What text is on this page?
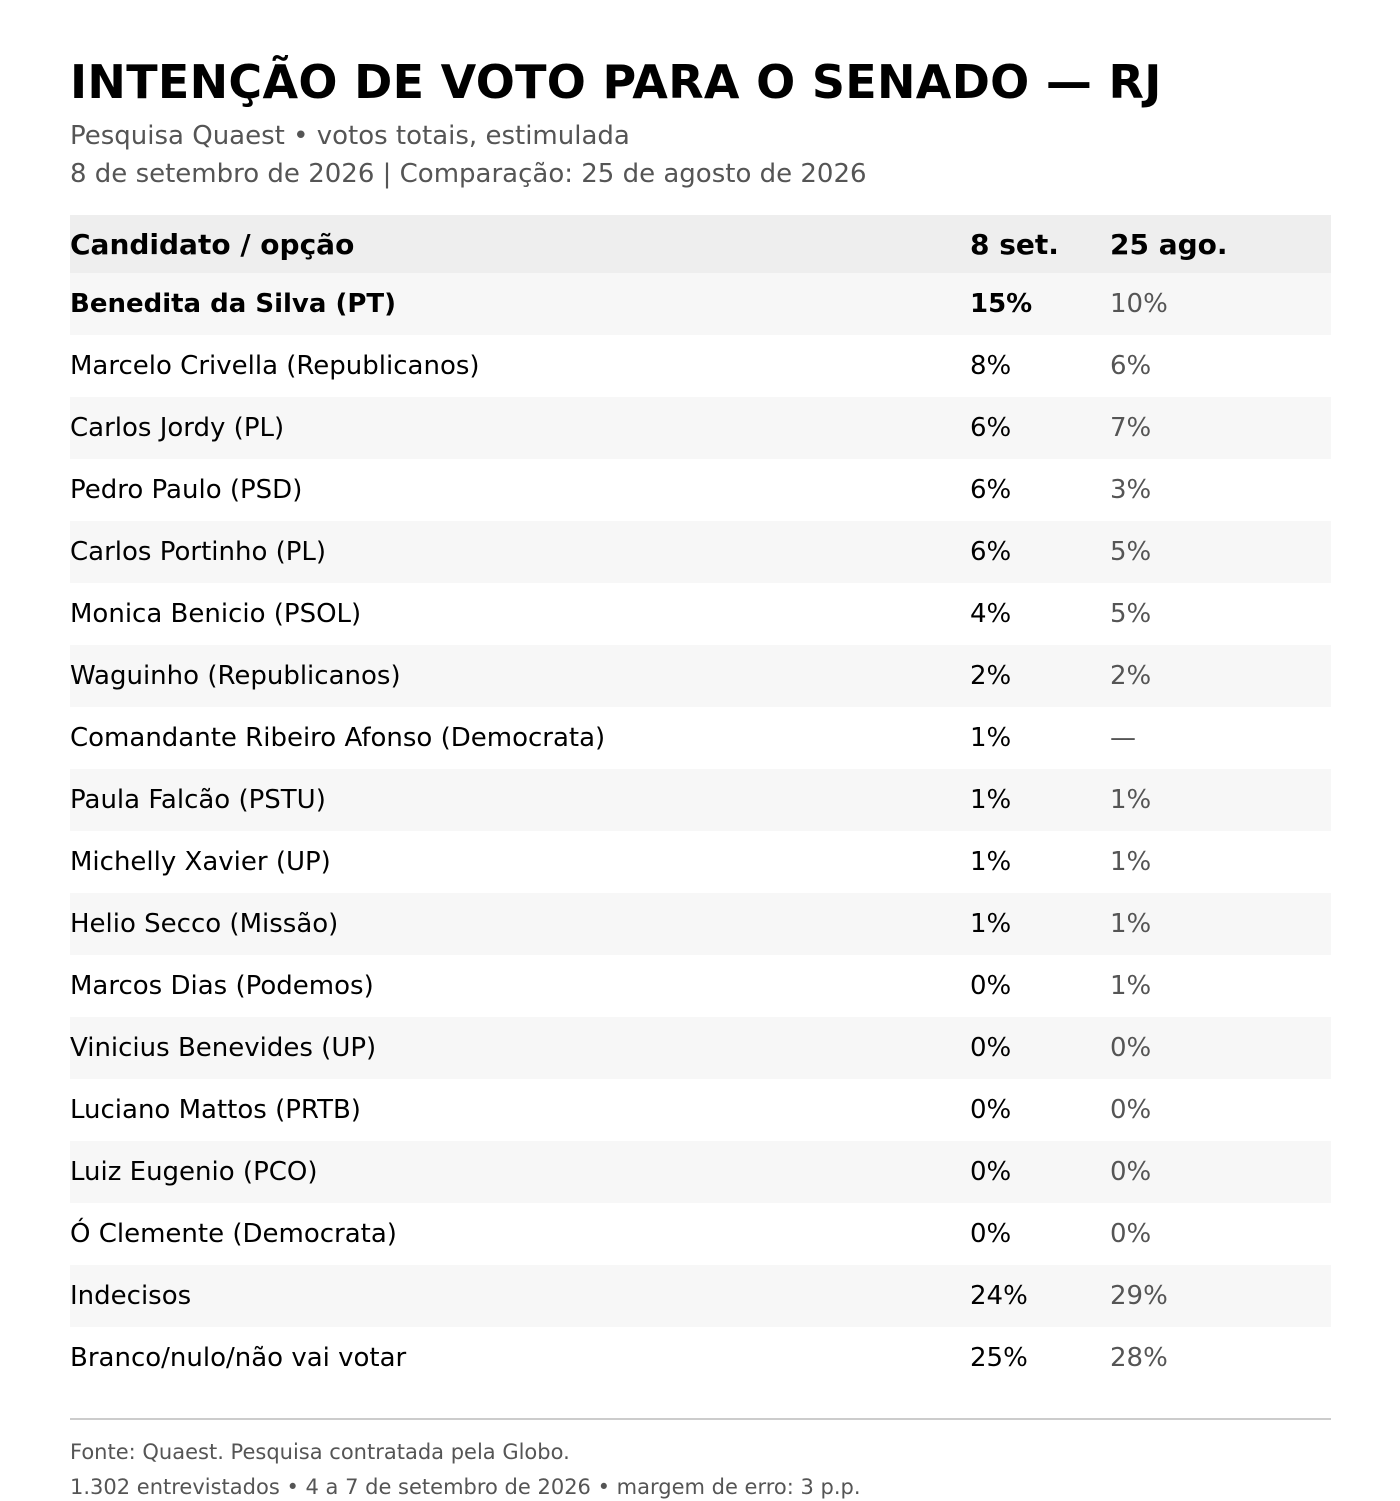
INTENÇÃO DE VOTO PARA O SENADO — RJ
Pesquisa Quaest • votos totais, estimulada
8 de setembro de 2026 | Comparação: 25 de agosto de 2026
Candidato / opção	8 set.	25 ago.
Benedita da Silva (PT)	15%	10%
Marcelo Crivella (Republicanos)	8%	6%
Carlos Jordy (PL)	6%	7%
Pedro Paulo (PSD)	6%	3%
Carlos Portinho (PL)	6%	5%
Monica Benicio (PSOL)	4%	5%
Waguinho (Republicanos)	2%	2%
Comandante Ribeiro Afonso (Democrata)	1%	—
Paula Falcão (PSTU)	1%	1%
Michelly Xavier (UP)	1%	1%
Helio Secco (Missão)	1%	1%
Marcos Dias (Podemos)	0%	1%
Vinicius Benevides (UP)	0%	0%
Luciano Mattos (PRTB)	0%	0%
Luiz Eugenio (PCO)	0%	0%
Ó Clemente (Democrata)	0%	0%
Indecisos	24%	29%
Branco/nulo/não vai votar	25%	28%
Fonte: Quaest. Pesquisa contratada pela Globo.
1.302 entrevistados • 4 a 7 de setembro de 2026 • margem de erro: 3 p.p.
